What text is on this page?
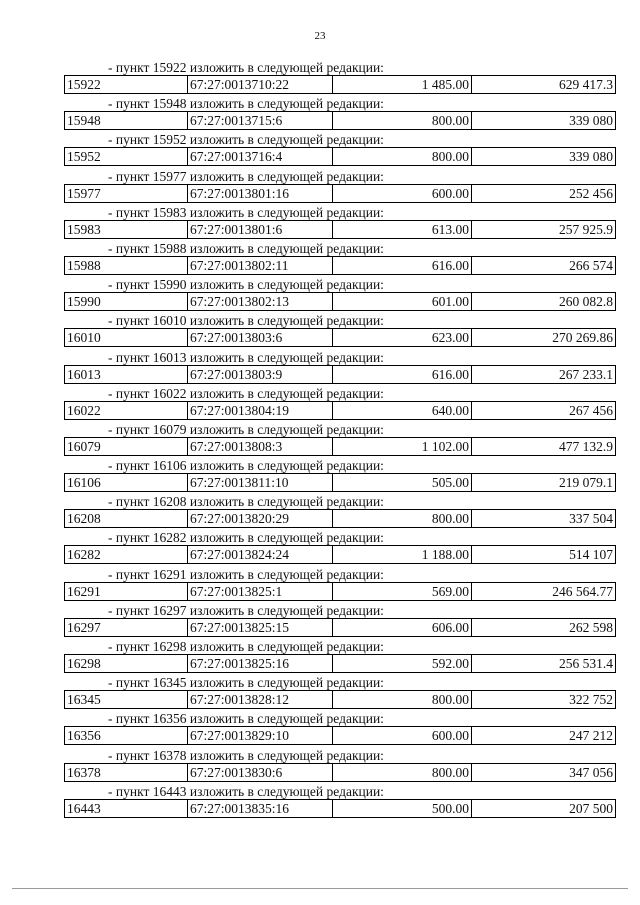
23

- пункт 15922 изложить в следующей редакции:

15922	67:27:0013710:22	1 485.00	629 417.3

- пункт 15948 изложить в следующей редакции:

15948	67:27:0013715:6	800.00	339 080

- пункт 15952 изложить в следующей редакции:

15952	67:27:0013716:4	800.00	339 080

- пункт 15977 изложить в следующей редакции:

15977	67:27:0013801:16	600.00	252 456

- пункт 15983 изложить в следующей редакции:

15983	67:27:0013801:6	613.00	257 925.9

- пункт 15988 изложить в следующей редакции:

15988	67:27:0013802:11	616.00	266 574

- пункт 15990 изложить в следующей редакции:

15990	67:27:0013802:13	601.00	260 082.8

- пункт 16010 изложить в следующей редакции:

16010	67:27:0013803:6	623.00	270 269.86

- пункт 16013 изложить в следующей редакции:

16013	67:27:0013803:9	616.00	267 233.1

- пункт 16022 изложить в следующей редакции:

16022	67:27:0013804:19	640.00	267 456

- пункт 16079 изложить в следующей редакции:

16079	67:27:0013808:3	1 102.00	477 132.9

- пункт 16106 изложить в следующей редакции:

16106	67:27:0013811:10	505.00	219 079.1

- пункт 16208 изложить в следующей редакции:

16208	67:27:0013820:29	800.00	337 504

- пункт 16282 изложить в следующей редакции:

16282	67:27:0013824:24	1 188.00	514 107

- пункт 16291 изложить в следующей редакции:

16291	67:27:0013825:1	569.00	246 564.77

- пункт 16297 изложить в следующей редакции:

16297	67:27:0013825:15	606.00	262 598

- пункт 16298 изложить в следующей редакции:

16298	67:27:0013825:16	592.00	256 531.4

- пункт 16345 изложить в следующей редакции:

16345	67:27:0013828:12	800.00	322 752

- пункт 16356 изложить в следующей редакции:

16356	67:27:0013829:10	600.00	247 212

- пункт 16378 изложить в следующей редакции:

16378	67:27:0013830:6	800.00	347 056

- пункт 16443 изложить в следующей редакции:

16443	67:27:0013835:16	500.00	207 500
